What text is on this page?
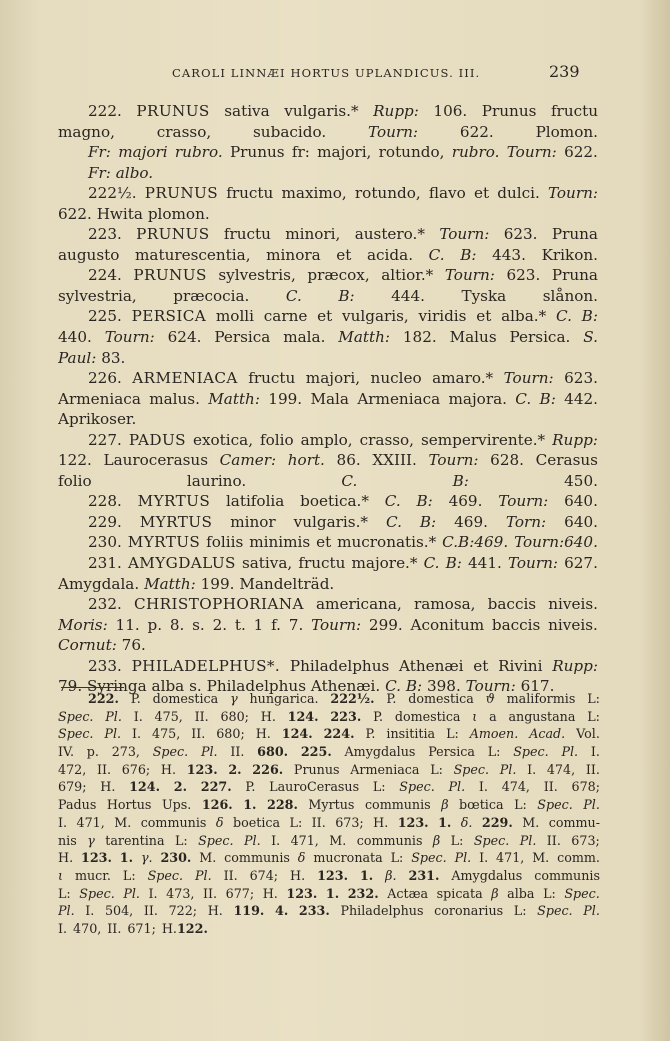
CAROLI LINNÆI HORTUS UPLANDICUS. III.	239
222. PRUNUS sativa vulgaris.* Rupp: 106. Prunus fructu
magno,	crasso,	subacido.	Tourn:	622.	Plomon.
Fr: majori rubro. Prunus fr: majori, rotundo, rubro. Tourn: 622.
Fr: albo.
222½. PRUNUS fructu maximo, rotundo, flavo et dulci. Tourn:
622. Hwita plomon.
223. PRUNUS fructu minori, austero.* Tourn: 623. Pruna
augusto maturescentia, minora et acida. C. B: 443. Krikon.
224. PRUNUS sylvestris, præcox, altior.* Tourn: 623. Pruna
sylvestria, præcocia. C. B: 444. Tyska slånon.
225. PERSICA molli carne et vulgaris, viridis et alba.* C. B:
440. Tourn: 624. Persica mala. Matth: 182. Malus Persica. S.
Paul: 83.
226. ARMENIACA fructu majori, nucleo amaro.* Tourn: 623.
Armeniaca malus. Matth: 199. Mala Armeniaca majora. C. B: 442.
Aprikoser.
227. PADUS exotica, folio amplo, crasso, sempervirente.* Rupp:
122. Laurocerasus Camer: hort. 86. XXIII. Tourn: 628. Cerasus
folio	laurino.	C.	B:	450.
228. MYRTUS latifolia boetica.* C. B: 469. Tourn: 640.
229. MYRTUS minor vulgaris.* C. B: 469. Torn: 640.
230. MYRTUS foliis minimis et mucronatis.* C.B:469. Tourn:640.
231. AMYGDALUS sativa, fructu majore.* C. B: 441. Tourn: 627.
Amygdala. Matth: 199. Mandelträd.
232. CHRISTOPHORIANA americana, ramosa, baccis niveis.
Moris: 11. p. 8. s. 2. t. 1 f. 7. Tourn: 299. Aconitum baccis niveis.
Cornut: 76.
233. PHILADELPHUS*. Philadelphus Athenæi et Rivini Rupp:
79. Syringa alba s. Philadelphus Athenæi. C. B: 398. Tourn: 617.
222. P. domestica γ hungarica. 222½. P. domestica ϑ maliformis L:
Spec. Pl. I. 475, II. 680; H. 124. 223. P. domestica ι a angustana L:
Spec. Pl. I. 475, II. 680; H. 124. 224. P. insititia L: Amoen. Acad. Vol.
IV. p. 273, Spec. Pl. II. 680. 225. Amygdalus Persica L: Spec. Pl. I.
472, II. 676; H. 123. 2. 226. Prunus Armeniaca L: Spec. Pl. I. 474, II.
679; H. 124. 2. 227. P. LauroCerasus L: Spec. Pl. I. 474, II. 678;
Padus Hortus Ups. 126. 1. 228. Myrtus communis β bœtica L: Spec. Pl.
I. 471, M. communis δ boetica L: II. 673; H. 123. 1. δ. 229. M. commu-
nis γ tarentina L: Spec. Pl. I. 471, M. communis β L: Spec. Pl. II. 673;
H. 123. 1. γ. 230. M. communis δ mucronata L: Spec. Pl. I. 471, M. comm.
ι mucr. L: Spec. Pl. II. 674; H. 123. 1. β. 231. Amygdalus communis
L: Spec. Pl. I. 473, II. 677; H. 123. 1. 232. Actæa spicata β alba L: Spec.
Pl. I. 504, II. 722; H. 119. 4. 233. Philadelphus coronarius L: Spec. Pl.
I. 470, II. 671; H. 122.
